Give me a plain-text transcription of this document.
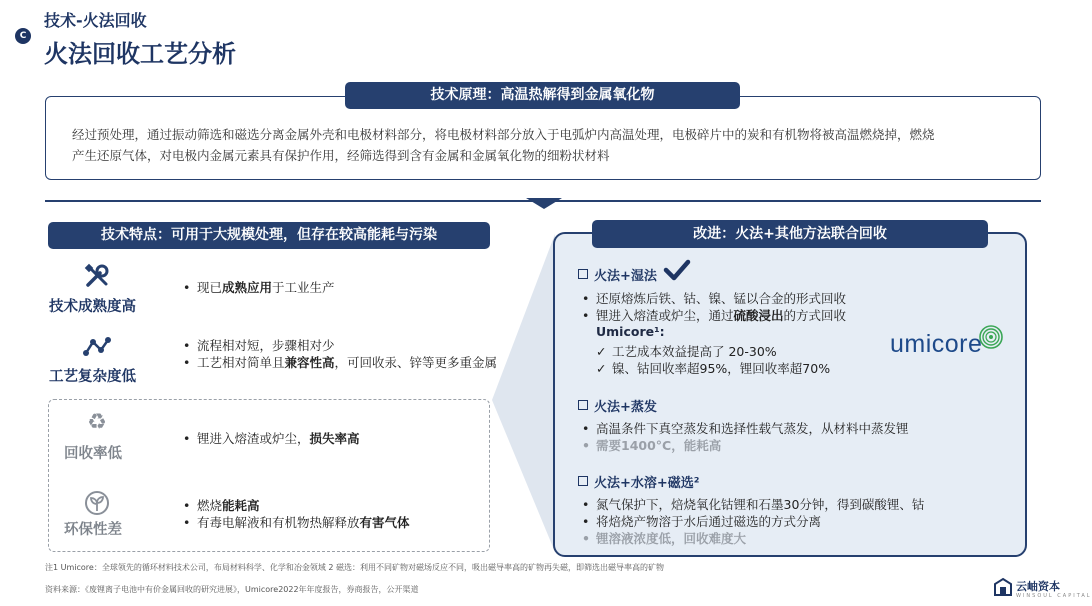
C
技术-火法回收
火法回收工艺分析
技术原理：高温热解得到金属氧化物
经过预处理，通过振动筛选和磁选分离金属外壳和电极材料部分，将电极材料部分放入于电弧炉内高温处理，电极碎片中的炭和有机物将被高温燃烧掉，燃烧
产生还原气体，对电极内金属元素具有保护作用，经筛选得到含有金属和金属氧化物的细粉状材料
技术特点：可用于大规模处理，但存在较高能耗与污染
技术成熟度高
• 现已成熟应用于工业生产
工艺复杂度低
• 流程相对短，步骤相对少
• 工艺相对简单且兼容性高，可回收汞、锌等更多重金属
♻
回收率低
• 锂进入熔渣或炉尘，损失率高
环保性差
• 燃烧能耗高
• 有毒电解液和有机物热解释放有害气体
改进：火法+其他方法联合回收
火法+湿法
• 还原熔炼后铁、钴、镍、锰以合金的形式回收
• 锂进入熔渣或炉尘，通过硫酸浸出的方式回收
Umicore¹:
✓ 工艺成本效益提高了 20-30%
✓ 镍、钴回收率超95%，锂回收率超70%
umicore
火法+蒸发
• 高温条件下真空蒸发和选择性载气蒸发，从材料中蒸发锂
• 需要1400°C，能耗高
火法+水溶+磁选²
• 氮气保护下，焙烧氧化钴锂和石墨30分钟，得到碳酸锂、钴
• 将焙烧产物溶于水后通过磁选的方式分离
• 锂溶液浓度低，回收难度大
注1 Umicore：全球领先的循环材料技术公司，布局材料科学、化学和冶金领域 2 磁选：利用不同矿物对磁场反应不同，吸出磁导率高的矿物再失磁，即筛选出磁导率高的矿物
资料来源：《废锂离子电池中有价金属回收的研究进展》，Umicore2022年年度报告，券商报告，公开渠道	云岫资本
WINSOUL CAPITAL
